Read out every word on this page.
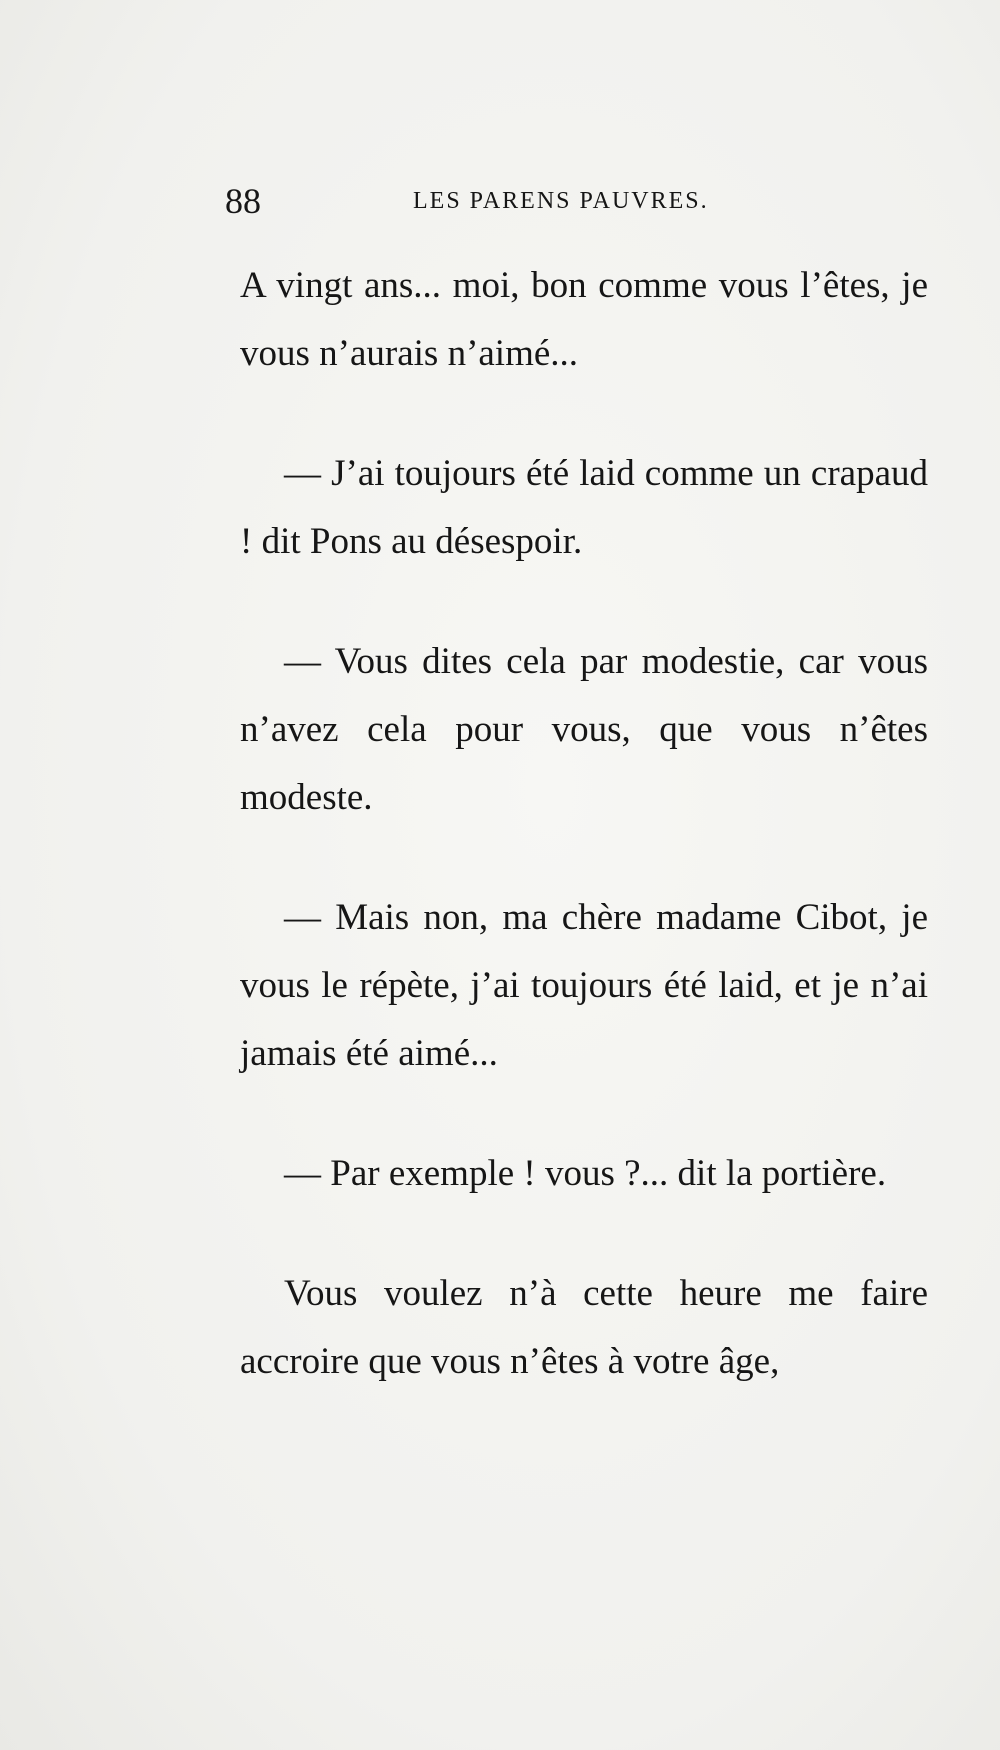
88	LES PARENS PAUVRES.

A vingt ans... moi, bon comme vous l’êtes, je vous n’aurais n’aimé...

— J’ai toujours été laid comme un crapaud ! dit Pons au désespoir.

— Vous dites cela par modestie, car vous n’avez cela pour vous, que vous n’êtes modeste.

— Mais non, ma chère madame Cibot, je vous le répète, j’ai toujours été laid, et je n’ai jamais été aimé...

— Par exemple ! vous ?... dit la portière.

Vous voulez n’à cette heure me faire accroire que vous n’êtes à votre âge,
